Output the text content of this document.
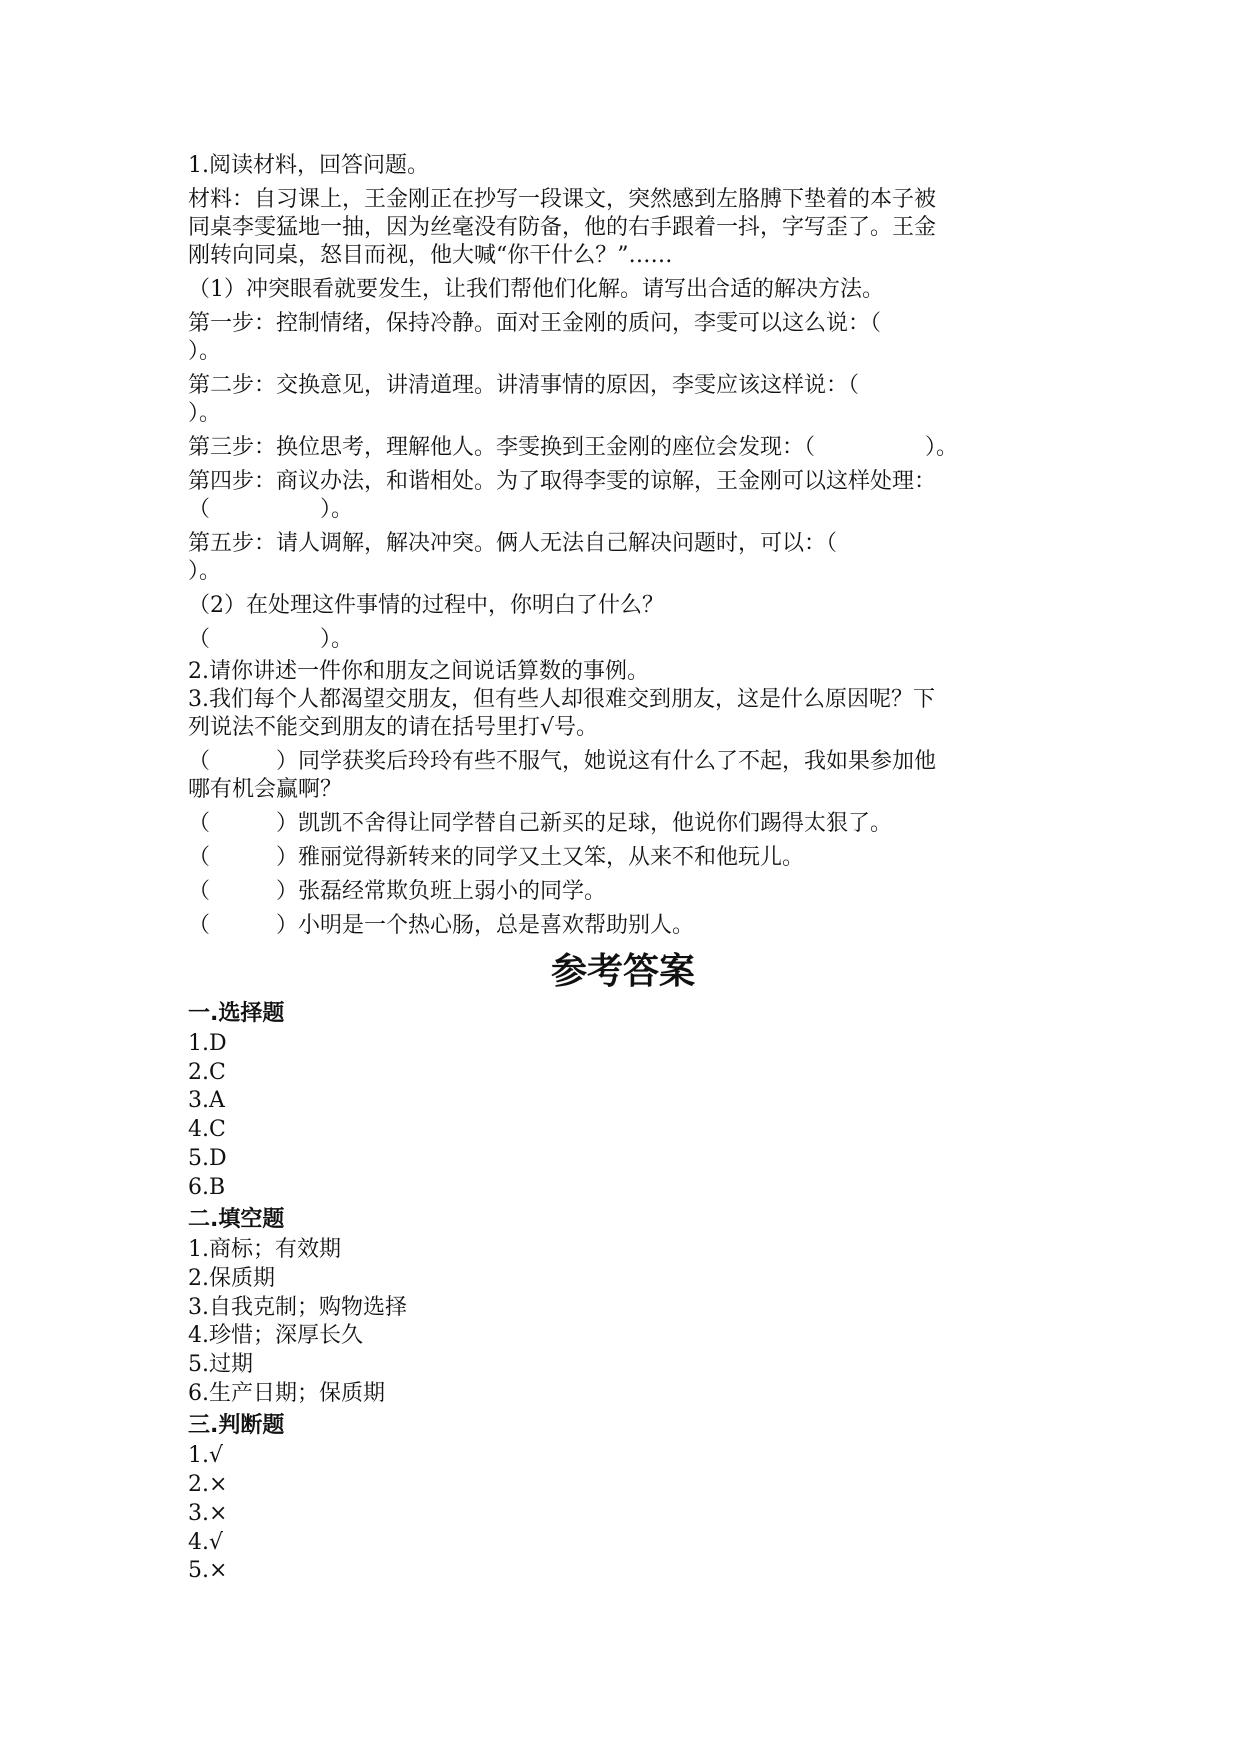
1.阅读材料，回答问题。
材料：自习课上，王金刚正在抄写一段课文，突然感到左胳膊下垫着的本子被
同桌李雯猛地一抽，因为丝毫没有防备，他的右手跟着一抖，字写歪了。王金
刚转向同桌，怒目而视，他大喊“你干什么？”……
（1）冲突眼看就要发生，让我们帮他们化解。请写出合适的解决方法。
第一步：控制情绪，保持冷静。面对王金刚的质问，李雯可以这么说：（
）。
第二步：交换意见，讲清道理。讲清事情的原因，李雯应该这样说：（
）。
第三步：换位思考，理解他人。李雯换到王金刚的座位会发现：（　　　　　）。
第四步：商议办法，和谐相处。为了取得李雯的谅解，王金刚可以这样处理：
（　　　　　）。
第五步：请人调解，解决冲突。俩人无法自己解决问题时，可以：（
）。
（2）在处理这件事情的过程中，你明白了什么？
（　　　　　）。
2.请你讲述一件你和朋友之间说话算数的事例。
3.我们每个人都渴望交朋友，但有些人却很难交到朋友，这是什么原因呢？下
列说法不能交到朋友的请在括号里打√号。
（　　　）同学获奖后玲玲有些不服气，她说这有什么了不起，我如果参加他
哪有机会赢啊？
（　　　）凯凯不舍得让同学替自己新买的足球，他说你们踢得太狠了。
（　　　）雅丽觉得新转来的同学又土又笨，从来不和他玩儿。
（　　　）张磊经常欺负班上弱小的同学。
（　　　）小明是一个热心肠，总是喜欢帮助别人。
参考答案
一.选择题
1.D
2.C
3.A
4.C
5.D
6.B
二.填空题
1.商标；有效期
2.保质期
3.自我克制；购物选择
4.珍惜；深厚长久
5.过期
6.生产日期；保质期
三.判断题
1.√
2.×
3.×
4.√
5.×
